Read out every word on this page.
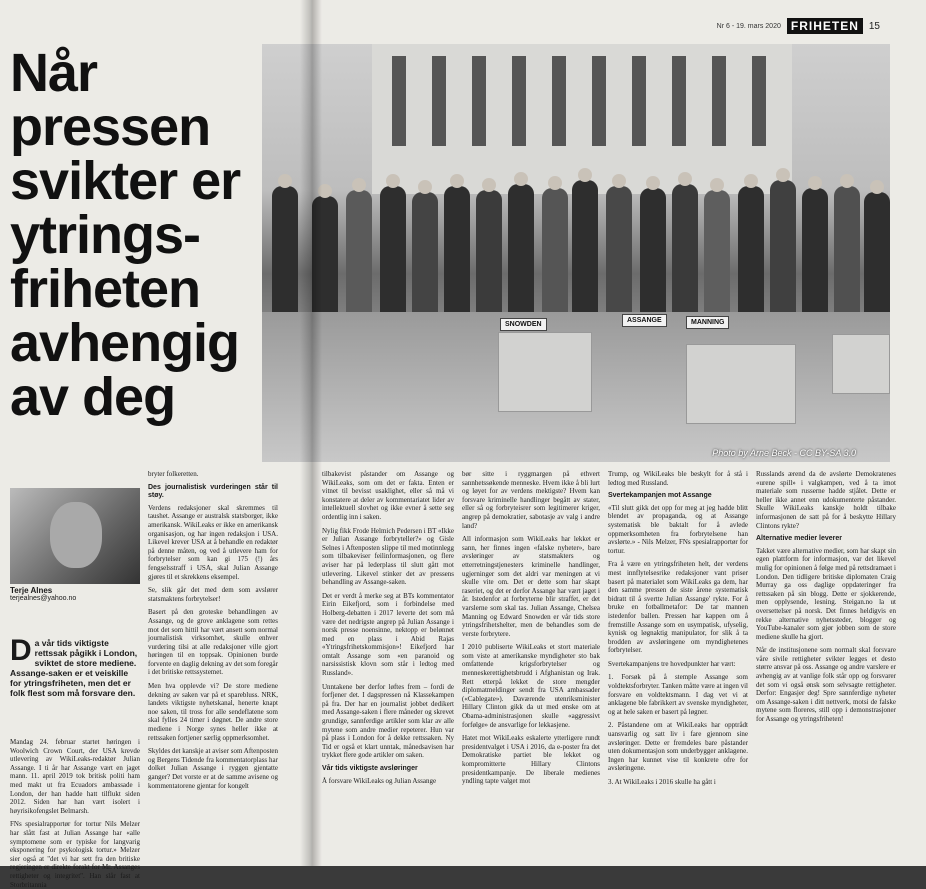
Nr 6 - 19. mars 2020 FRIHETEN	15
Når
pressen
svikter er
ytrings-
friheten
avhengig
av deg
SNOWDEN
ASSANGE	MANNING
Photo by Arne Beck - CC BY-SA 3.0
Terje Alnes
terjealnes@yahoo.no
Da vår tids viktigste rettssak pågikk i London, sviktet de store mediene. Assange-saken er et veiskille for ytringsfriheten, men det er folk flest som må forsvare den.

Mandag 24. februar startet høringen i Woolwich Crown Court, der USA krevde utlevering av WikiLeaks-redaktør Julian Assange. I ti år har Assange vært en jaget mann. 11. april 2019 tok britisk politi ham med makt ut fra Ecuadors ambassade i London, der han hadde hatt tilflukt siden 2012. Siden har han vært isolert i høyrisikofengslet Belmarsh.

FNs spesialrapportør for tortur Nils Melzer har slått fast at Julian Assange har «alle symptomene som er typiske for langvarig eksponering for psykologisk tortur.» Melzer sier også at "det vi har sett fra den britiske regjeringen er direkte forakt for Mr. Assanges rettigheter og integritet". Han slår fast at Storbritannia

bryter folkeretten.

Des journalistisk vurderingen står til støy.

Verdens redaksjoner skal skremmes til taushet. Assange er australsk statsborger, ikke amerikansk. WikiLeaks er ikke en amerikansk organisasjon, og har ingen redaksjon i USA. Likevel krever USA at å behandle en redaktør på denne måten, og ved å utlevere ham for forbrytelser som kan gi 175 (!) års fengselsstraff i USA, skal Julian Assange gjøres til et skrekkens eksempel.

Se, slik går det med dem som avslører statsmaktens forbrytelser!

Basert på den groteske behandlingen av Assange, og de grove anklagene som rettes mot det som hittil har vært ansett som normal journalistisk virksomhet, skulle enhver vurdering tilsi at alle redaksjoner ville gjort høringen til en toppsak. Opinionen burde forvente en daglig dekning av det som foregår i det britiske rettssystemet.

Men hva opplevde vi? De store mediene dekning av saken var på et sparebluss. NRK, landets viktigste nyhetskanal, henerte knapt noe saken, til tross for alle sendeflatene som skal fylles 24 timer i døgnet. De andre store mediene i Norge synes heller ikke at rettssaken fortjener særlig oppmerksomhet.

Skyldes det kanskje at aviser som Aftenposten og Bergens Tidende fra kommentatorplass har dolket Julian Assange i ryggen gjentatte ganger? Det vorste er at de samme avisene og kommentatorene gjentar for kongelt

tilbakevist påstander om Assange og WikiLeaks, som om det er fakta. Enten er vitnet til bevisst usaklighet, eller så må vi konstatere at deler av kommentariatet lider av intellektuell slovhet og ikke evner å sette seg ordentlig inn i saken.

Nylig fikk Frode Helmich Pedersen i BT «Ikke er Julian Assange forbryteller?» og Gisle Selnes i Aftenposten slippe til med motinnlegg som tilbakeviser feilinformasjonen, og flere aviser har på lederplass til slutt gått mot utlevering. Likevel stinker det av pressens behandling av Assange-saken.

Det er verdt å merke seg at BTs kommentator Eirin Eikefjord, som i forbindelse med Holberg-debatten i 2017 leverte det som må være det nedrigste angrep på Julian Assange i norsk presse noensinne, nektopp er belønnet med en plass i Abid Rajas «Ytringsfrihetskommisjon»! Eikefjord har omtalt Assange som «en paranoid og narsissistisk klovn som står i ledtog med Russland».

Unntakene bør derfor løftes frem – fordi de forfjener det. I dagspressen nå Klassekampen på fra. Der har en journalist jobbet dedikert med Assange-saken i flere måneder og skrevet grundige, sannferdige artikler som klar av alle mytene som andre medier repeterer. Hun var på plass i London for å dekke rettssaken. Ny Tid er også et klart unntak, månedsavisen har trykket flere gode artikler om saken.

Vår tids viktigste avsløringer

Å forsvare WikiLeaks og Julian Assange

bør sitte i ryggmargen på ethvert sannhetssøkende menneske. Hvem ikke å bli lurt og løyet for av verdens mektigste? Hvem kan forsvare kriminelle handlinger begått av stater, eller så og forbryteisrer som legitimerer kriger, angrep på demokratier, sabotasje av valg i andre land?

All informasjon som WikiLeaks har lekket er sann, her finnes ingen «falske nyheter», bare avsløringer av statsmakters og etterretningstjenesters kriminelle handlinger, ugjerninger som det aldri var meningen at vi skulle vite om. Det er dette som har skapt raseriet, og det er derfor Assange har vært jaget i år. Istedenfor at forbryterne blir straffet, er det varslerne som skal tas. Julian Assange, Chelsea Manning og Edward Snowden er vår tids store ytringsfrihetshelter, men de behandles som de verste forbrytere.

I 2010 publiserte WikiLeaks et stort materiale som viste at amerikanske myndigheter sto bak omfattende krigsforbrytelser og menneskerettighetsbrudd i Afghanistan og Irak. Rett etterpå lekket de store mengder diplomatmeldinger sendt fra USA ambassader («Cablegate»). Daværende utenriksminister Hillary Clinton gikk da ut med ønske om at Obama-administrasjonen skulle «aggressivt forfølge» de ansvarlige for lekkasjene.

Hatet mot WikiLeaks eskalerte ytterligere rundt presidentvalget i USA i 2016, da e-poster fra det Demokratiske partiet ble lekket og kompromitterte Hillary Clintons presidentkampanje. De liberale medienes yndling tapte valget mot

Trump, og WikiLeaks ble beskylt for å stå i ledtog med Russland.

Svertekampanjen mot Assange

«Til slutt gikk det opp for meg at jeg hadde blitt blendet av propaganda, og at Assange systematisk ble baktalt for å avlede oppmerksomheten fra forbrytelsene han avslørte.» - Nils Melzer, FNs spesialrapportør for tortur.

Fra å være en ytringsfriheten helt, der verdens mest innflytelsesrike redaksjoner vant priser basert på materialet som WikiLeaks ga dem, har den samme pressen de siste årene systematisk bidratt til å svertte Julian Assange' rykte. For å bruke en fotballmetafor: De tar mannen istedenfor ballen. Pressen har kappen om å fremstille Assange som en usympatisk, ufyselig, kynisk og løgnaktig manipulator, for slik å ta brodden av avsløringene om myndighetenes forbrytelser.

Svertekampanjens tre hovedpunkter har vært:

1. Forsøk på å stemple Assange som voldtektsforbryter. Tanken måtte være at ingen vil forsvare en voldtektsmann. I dag vet vi at anklagene ble fabrikkert av svenske myndigheter, og at hele saken er basert på løgner.

2. Påstandene om at WikiLeaks har opptrådt uansvarlig og satt liv i fare gjennom sine avsløringer. Dette er fremdeles bare påstander uten dokumentasjon som underbygger anklagene. Ingen har kunnet vise til konkrete ofre for avsløringene.

3. At WikiLeaks i 2016 skulle ha gått i

Russlands ærend da de avslørte Demokratenes «urene spill» i valgkampen, ved å ta imot materiale som russerne hadde stjålet. Dette er heller ikke annet enn udokumenterte påstander. Skulle WikiLeaks kanskje holdt tilbake informasjonen de satt på for å beskytte Hillary Clintons rykte?

Alternative medier leverer

Takket være alternative medier, som har skapt sin egen plattform for informasjon, var det likevel mulig for opinionen å følge med på rettsdramaet i London. Den tidligere britiske diplomaten Craig Murray ga oss daglige oppdateringer fra rettssaken på sin blogg. Dette er sjokkerende, men opplysende, lesning. Steigan.no la ut oversettelser på norsk. Det finnes heldigvis en rekke alternative nyhetssteder, blogger og YouTube-kanaler som gjør jobben som de store mediene skulle ha gjort.

Når de institusjonene som normalt skal forsvare våre sivile rettigheter svikter legges et desto større ansvar på oss. Assange og andre varslere er avhengig av at vanlige folk står opp og forsvarer det som vi også ønsk som selvsagte rettigheter. Derfor: Engasjer deg! Spre sannferdige nyheter om Assange-saken i ditt nettverk, motsi de falske mytene som floreres, still opp i demonstrasjoner for Assange og ytringsfriheten!
